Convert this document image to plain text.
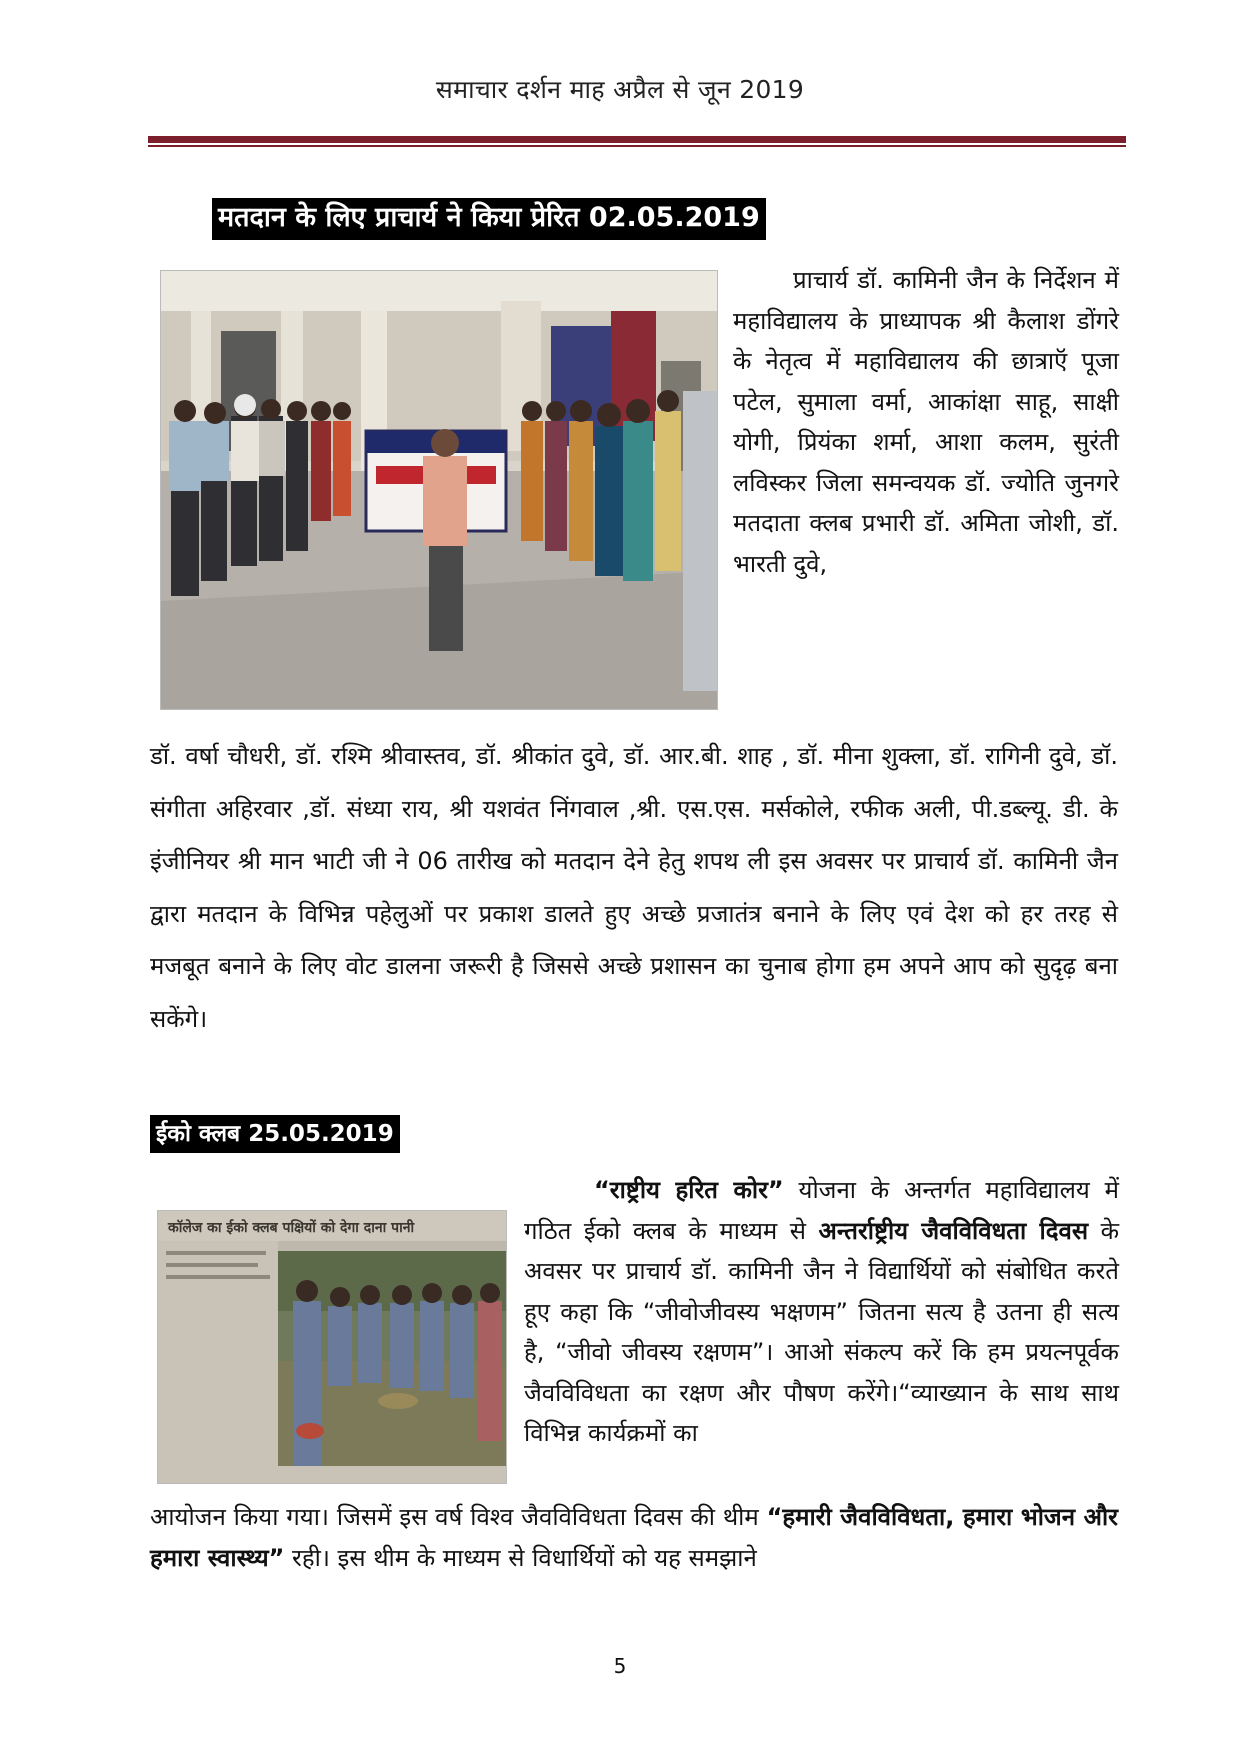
समाचार दर्शन माह अप्रैल से जून 2019
मतदान के लिए प्राचार्य ने किया प्रेरित 02.05.2019
प्राचार्य डॉ. कामिनी जैन के निर्देशन में महाविद्यालय के प्राध्यापक श्री कैलाश डोंगरे के नेतृत्व में महाविद्यालय की छात्राऍ पूजा पटेल, सुमाला वर्मा, आकांक्षा साहू, साक्षी योगी, प्रियंका शर्मा, आशा कलम, सुरंती लविस्कर जिला समन्वयक डॉ. ज्योति जुनगरे मतदाता क्लब प्रभारी डॉ. अमिता जोशी, डॉ. भारती दुवे,
डॉ. वर्षा चौधरी, डॉ. रश्मि श्रीवास्तव, डॉ. श्रीकांत दुवे, डॉ. आर.बी. शाह , डॉ. मीना शुक्ला, डॉ. रागिनी दुवे, डॉ. संगीता अहिरवार ,डॉ. संध्या राय, श्री यशवंत निंगवाल ,श्री. एस.एस. मर्सकोले, रफीक अली, पी.डब्ल्यू. डी. के इंजीनियर श्री मान भाटी जी ने 06 तारीख को मतदान देने हेतु शपथ ली इस अवसर पर प्राचार्य डॉ. कामिनी जैन द्वारा मतदान के विभिन्न पहेलुओं पर प्रकाश डालते हुए अच्छे प्रजातंत्र बनाने के लिए एवं देश को हर तरह से मजबूत बनाने के लिए वोट डालना जरूरी है जिससे अच्छे प्रशासन का चुनाब होगा हम अपने आप को सुदृढ़ बना सकेंगे।
ईको क्लब 25.05.2019
कॉलेज का ईको क्लब पक्षियों को देगा दाना पानी
“राष्ट्रीय हरित कोर” योजना के अन्तर्गत महाविद्यालय में गठित ईको क्लब के माध्यम से अन्तर्राष्ट्रीय जैवविविधता दिवस के अवसर पर प्राचार्य डॉ. कामिनी जैन ने विद्यार्थियों को संबोधित करते हूए कहा कि “जीवोजीवस्य भक्षणम” जितना सत्य है उतना ही सत्य है, “जीवो जीवस्य रक्षणम”। आओ संकल्प करें कि हम प्रयत्नपूर्वक जैवविविधता का रक्षण और पौषण करेंगे।“व्याख्यान के साथ साथ विभिन्न कार्यक्रमों का
आयोजन किया गया। जिसमें इस वर्ष विश्व जैवविविधता दिवस की थीम “हमारी जैवविविधता, हमारा भोजन और हमारा स्वास्थ्य” रही। इस थीम के माध्यम से विधार्थियों को यह समझाने
5
